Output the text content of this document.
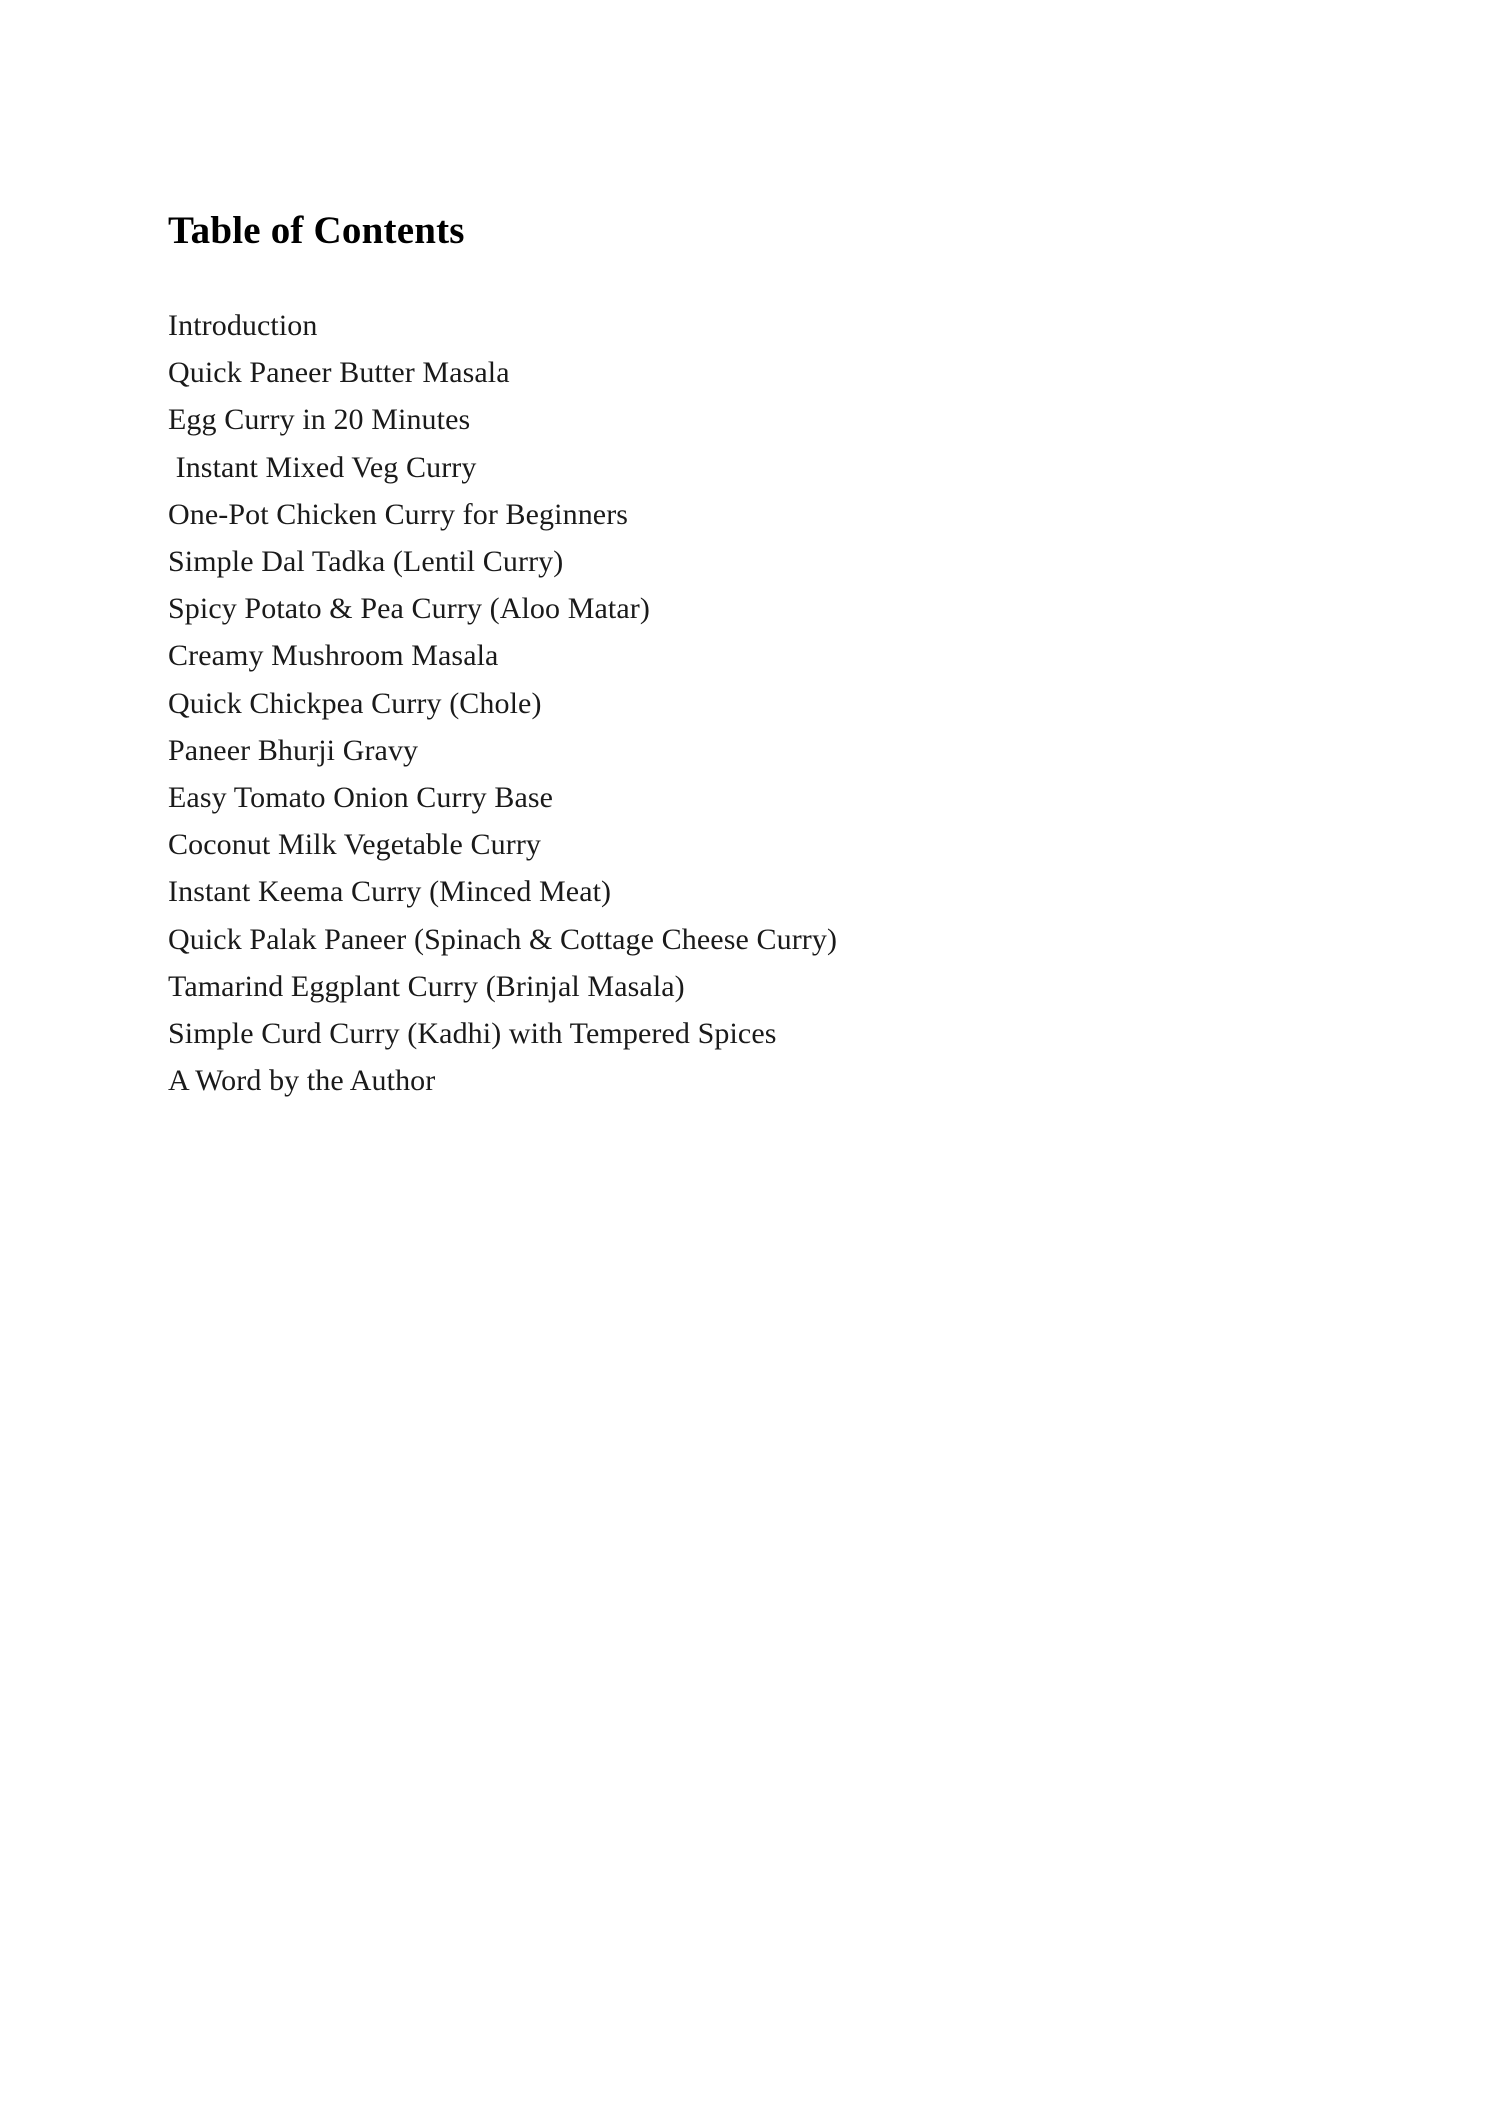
Table of Contents
Introduction
Quick Paneer Butter Masala
Egg Curry in 20 Minutes
Instant Mixed Veg Curry
One-Pot Chicken Curry for Beginners
Simple Dal Tadka (Lentil Curry)
Spicy Potato & Pea Curry (Aloo Matar)
Creamy Mushroom Masala
Quick Chickpea Curry (Chole)
Paneer Bhurji Gravy
Easy Tomato Onion Curry Base
Coconut Milk Vegetable Curry
Instant Keema Curry (Minced Meat)
Quick Palak Paneer (Spinach & Cottage Cheese Curry)
Tamarind Eggplant Curry (Brinjal Masala)
Simple Curd Curry (Kadhi) with Tempered Spices
A Word by the Author
